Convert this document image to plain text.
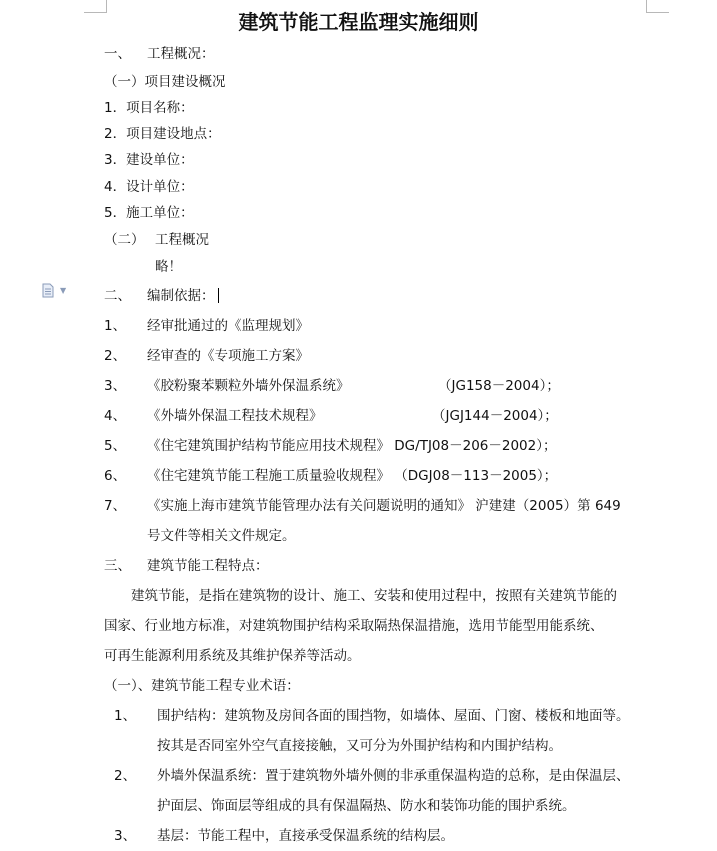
建筑节能工程监理实施细则
一、 工程概况：
（一）项目建设概况
1．项目名称：
2．项目建设地点：
3．建设单位：
4．设计单位：
5．施工单位：
（二） 工程概况
略！
▼	二、 编制依据：
1、 经审批通过的《监理规划》
2、 经审查的《专项施工方案》
3、 《胶粉聚苯颗粒外墙外保温系统》	（JG158－2004）；
4、 《外墙外保温工程技术规程》	（JGJ144－2004）；
5、 《住宅建筑围护结构节能应用技术规程》 DG/TJ08－206－2002）；
6、 《住宅建筑节能工程施工质量验收规程》 （DGJ08－113－2005）；
7、 《实施上海市建筑节能管理办法有关问题说明的通知》 沪建建（2005）第 649
号文件等相关文件规定。
三、 建筑节能工程特点：
建筑节能，是指在建筑物的设计、施工、安装和使用过程中，按照有关建筑节能的
国家、行业地方标准，对建筑物围护结构采取隔热保温措施，选用节能型用能系统、
可再生能源利用系统及其维护保养等活动。
（一）、建筑节能工程专业术语：
1、 围护结构：建筑物及房间各面的围挡物，如墙体、屋面、门窗、楼板和地面等。
按其是否同室外空气直接接触，又可分为外围护结构和内围护结构。
2、 外墙外保温系统：置于建筑物外墙外侧的非承重保温构造的总称，是由保温层、
护面层、饰面层等组成的具有保温隔热、防水和装饰功能的围护系统。
3、 基层：节能工程中，直接承受保温系统的结构层。
